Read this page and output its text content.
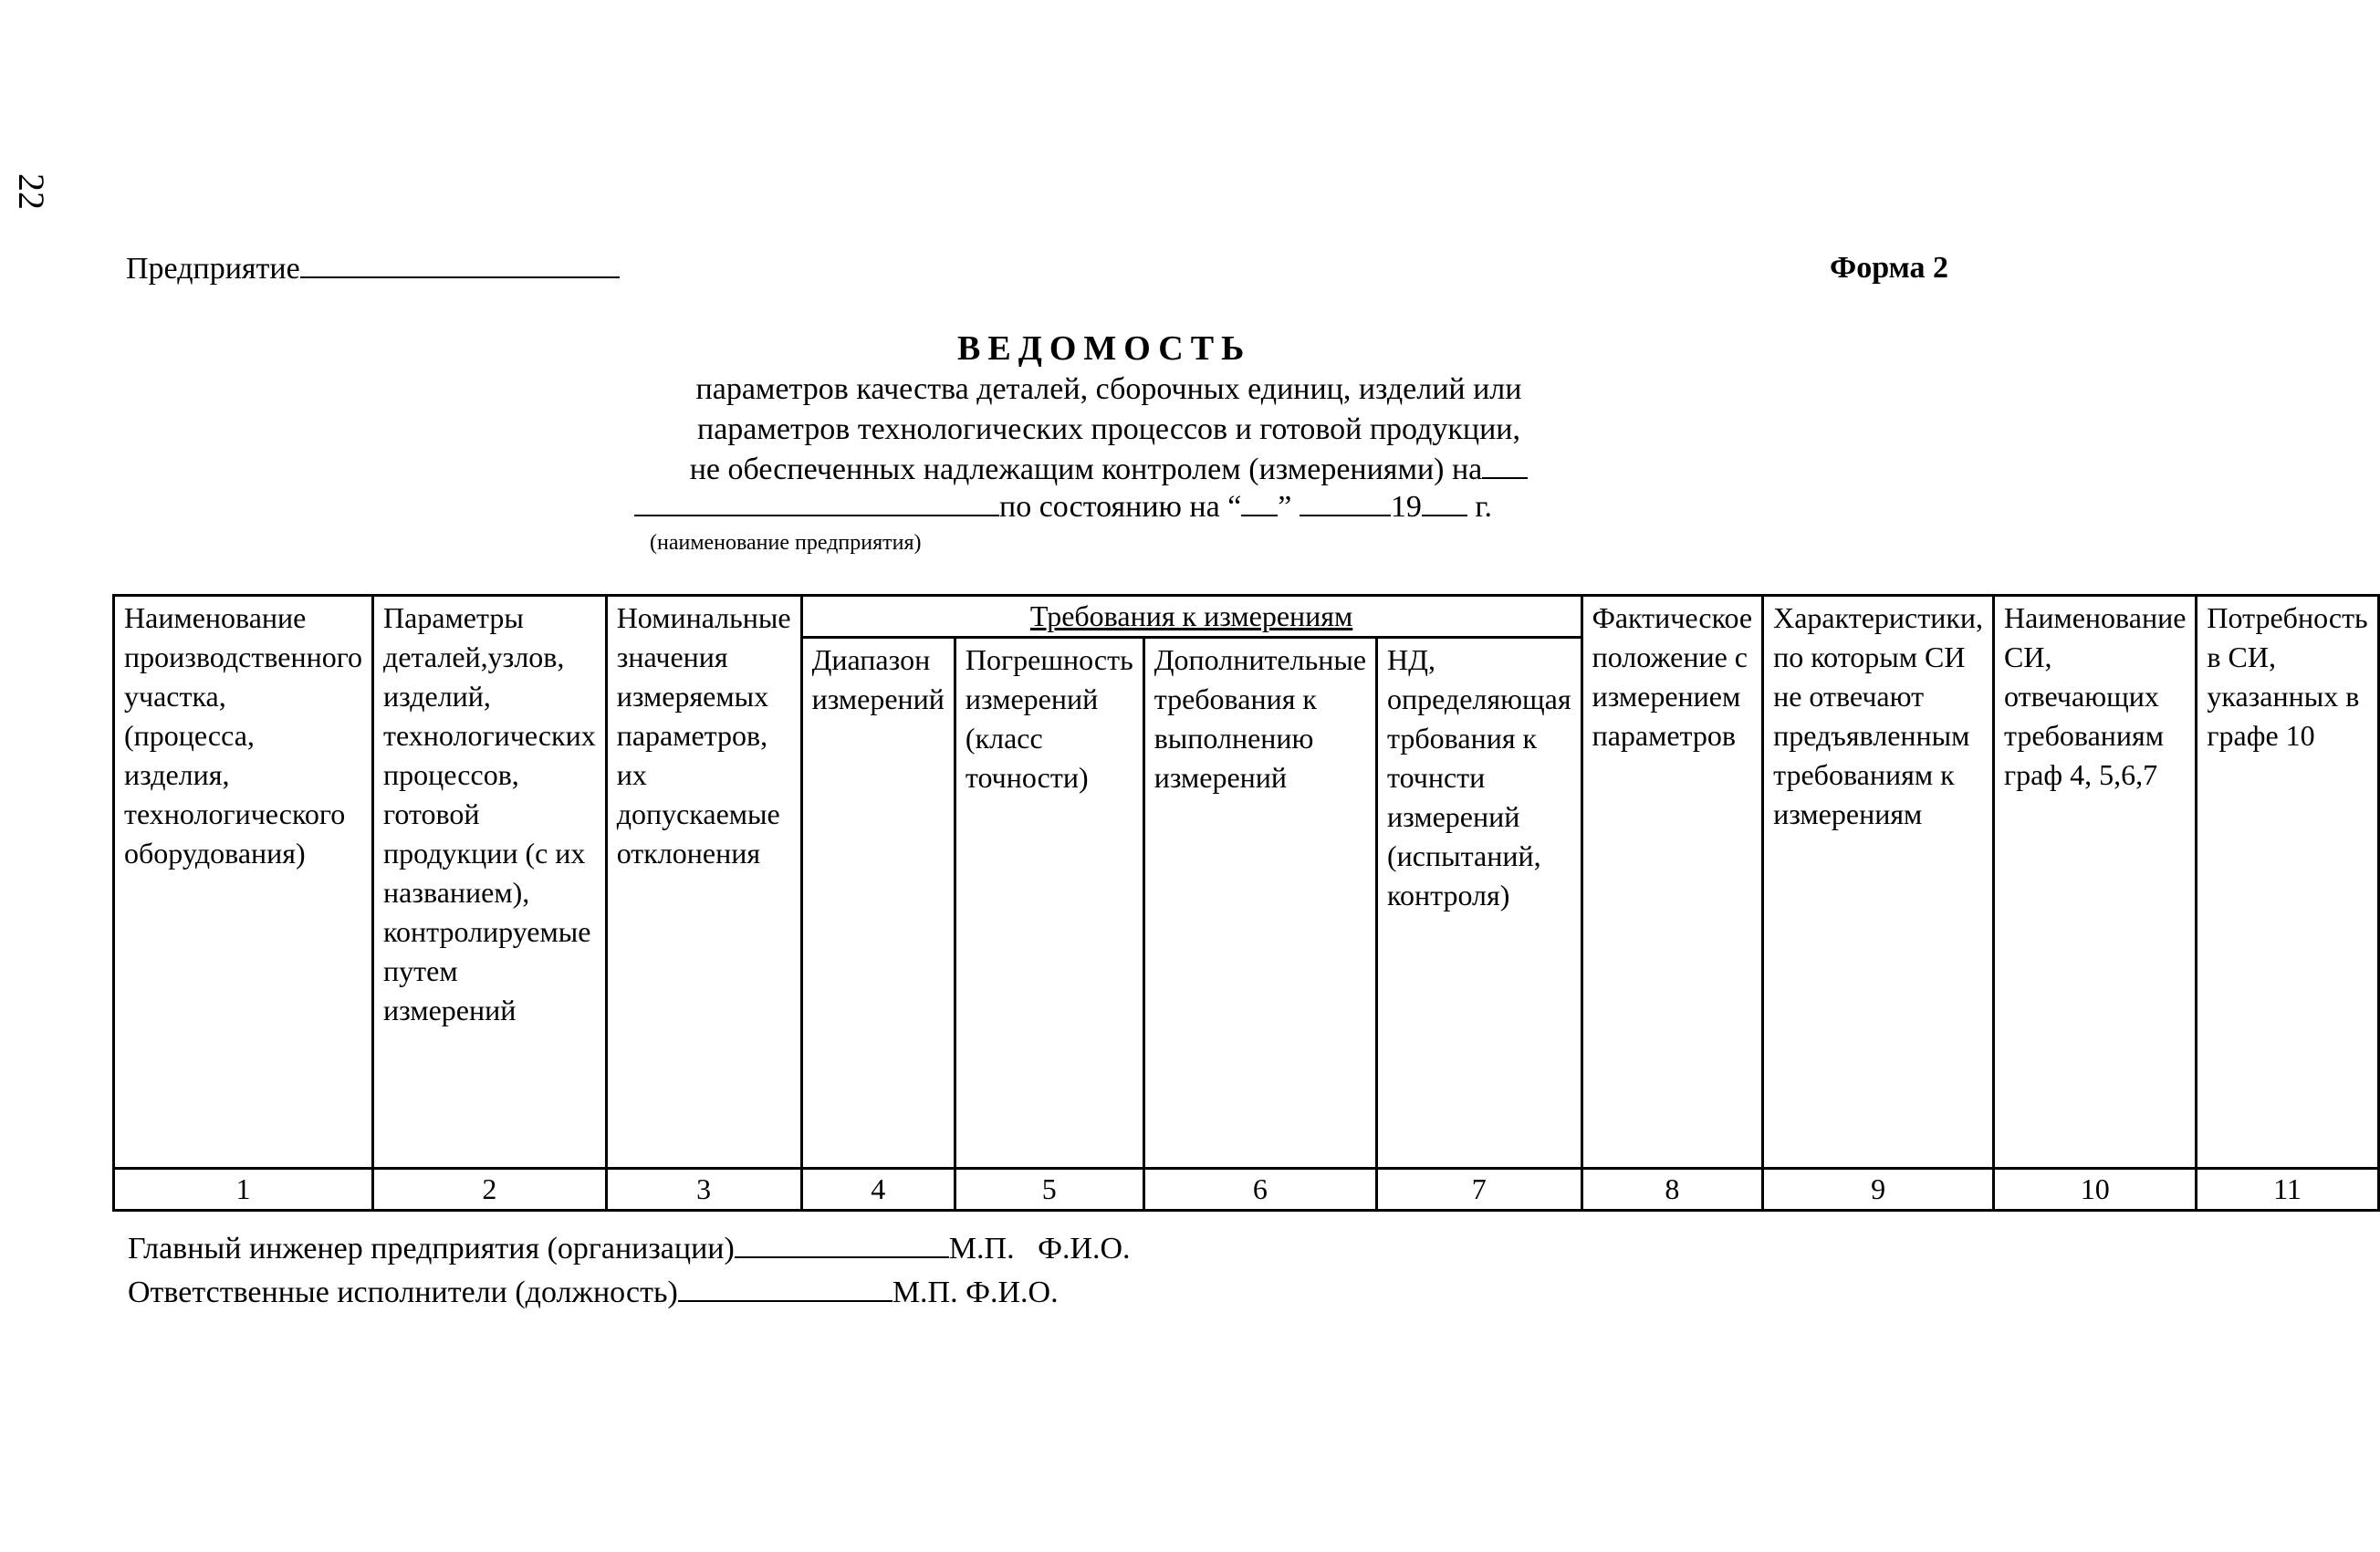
22
Предприятие	Форма 2
ВЕДОМОСТЬ
параметров качества деталей, сборочных единиц, изделий или
параметров технологических процессов и готовой продукции,
не обеспеченных надлежащим контролем (измерениями) на
по состоянию на “ ”	19 г.
(наименование предприятия)
Наименование производственного участка, (процесса, изделия, технологического оборудования)	Параметры деталей,узлов, изделий, технологических процессов, готовой продукции (с их названием), контролируемые путем измерений	Номинальные значения измеряемых параметров, их допускаемые отклонения	Требования к измерениям				Фактическое положение с измерением параметров	Характеристики, по которым СИ не отвечают предъявленным требованиям к измерениям	Наименование СИ, отвечающих требованиям граф 4, 5,6,7	Потребность в СИ, указанных в графе 10
			Диапазон измерений	Погрешность измерений (класс точности)	Дополнительные требования к выполнению измерений	НД, определяющая трбования к точнсти измерений (испытаний, контроля)				
1	2	3	4	5	6	7	8	9	10	11
Главный инженер предприятия (организации)	М.П.   Ф.И.О.
Ответственные исполнители (должность)	М.П. Ф.И.О.
